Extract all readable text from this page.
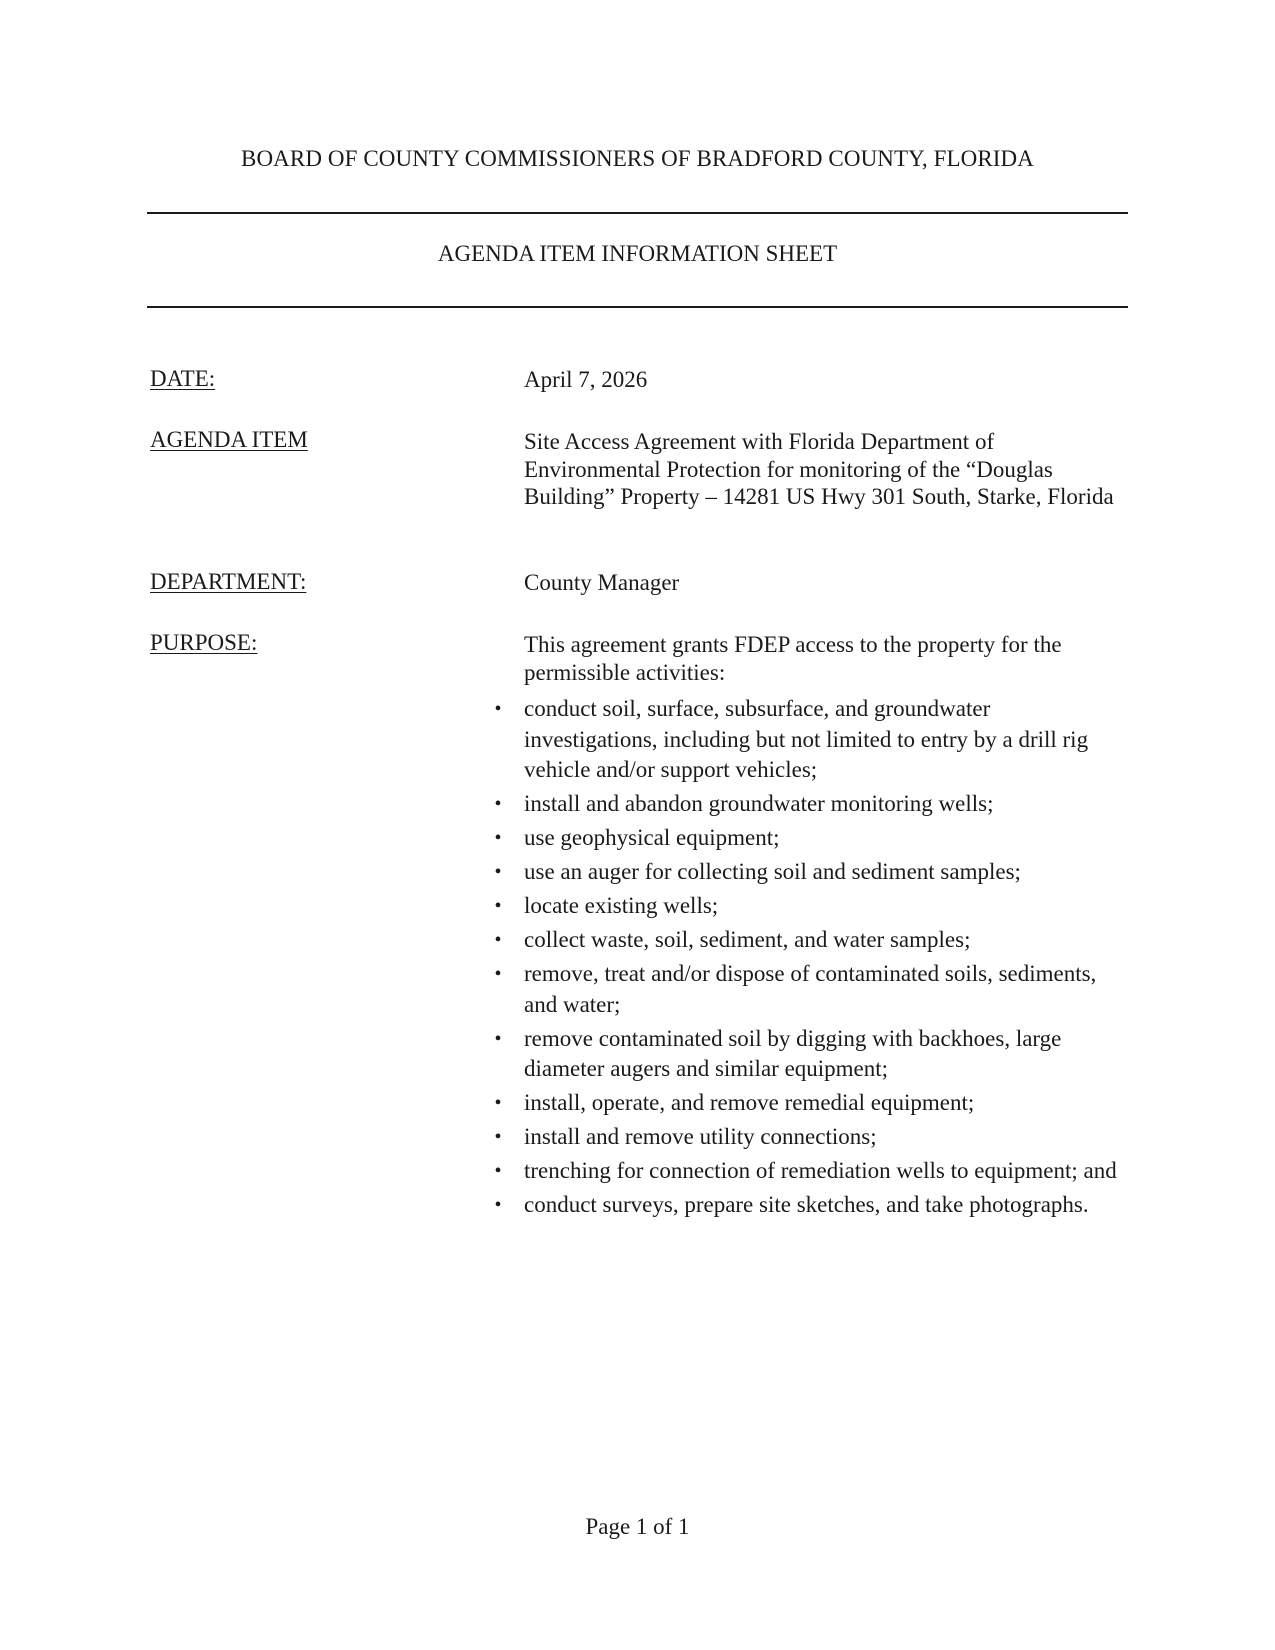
BOARD OF COUNTY COMMISSIONERS OF BRADFORD COUNTY, FLORIDA
AGENDA ITEM INFORMATION SHEET
DATE:	April 7, 2026
AGENDA ITEM	Site Access Agreement with Florida Department of Environmental Protection for monitoring of the “Douglas Building” Property – 14281 US Hwy 301 South, Starke, Florida
DEPARTMENT:	County Manager
PURPOSE:	This agreement grants FDEP access to the property for the permissible activities:
• conduct soil, surface, subsurface, and groundwater investigations, including but not limited to entry by a drill rig vehicle and/or support vehicles;
• install and abandon groundwater monitoring wells;
• use geophysical equipment;
• use an auger for collecting soil and sediment samples;
• locate existing wells;
• collect waste, soil, sediment, and water samples;
• remove, treat and/or dispose of contaminated soils, sediments, and water;
• remove contaminated soil by digging with backhoes, large diameter augers and similar equipment;
• install, operate, and remove remedial equipment;
• install and remove utility connections;
• trenching for connection of remediation wells to equipment; and
• conduct surveys, prepare site sketches, and take photographs.
Page 1 of 1
